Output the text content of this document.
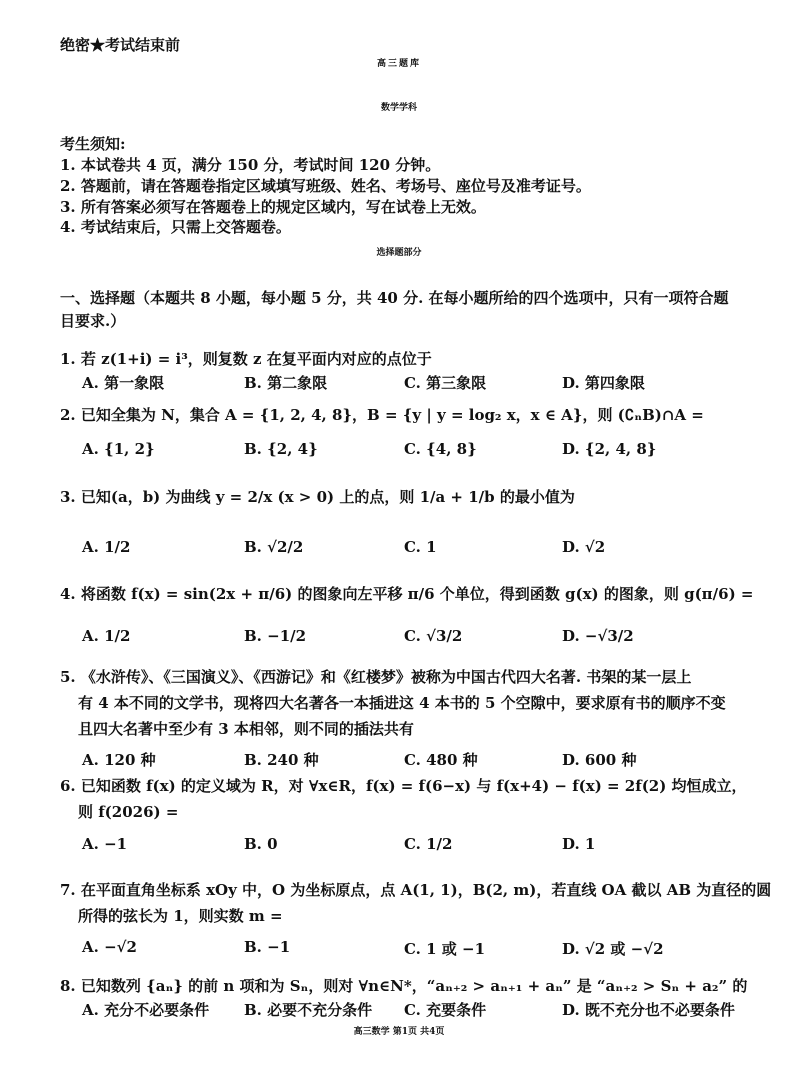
绝密★考试结束前
高三题库
数学学科
考生须知:
1. 本试卷共 4 页，满分 150 分，考试时间 120 分钟。
2. 答题前，请在答题卷指定区域填写班级、姓名、考场号、座位号及准考证号。
3. 所有答案必须写在答题卷上的规定区域内，写在试卷上无效。
4. 考试结束后，只需上交答题卷。
选择题部分
一、选择题（本题共 8 小题，每小题 5 分，共 40 分. 在每小题所给的四个选项中，只有一项符合题
目要求.）
1. 若 z(1+i) = i³，则复数 z 在复平面内对应的点位于
A. 第一象限	B. 第二象限	C. 第三象限	D. 第四象限
2. 已知全集为 N，集合 A = {1, 2, 4, 8}，B = {y | y = log₂ x，x ∈ A}，则 (∁ₙB)∩A =
A. {1, 2}	B. {2, 4}	C. {4, 8}	D. {2, 4, 8}
3. 已知(a，b) 为曲线 y = 2/x (x > 0) 上的点，则 1/a + 1/b 的最小值为
A. 1/2	B. √2/2	C. 1	D. √2
4. 将函数 f(x) = sin(2x + π/6) 的图象向左平移 π/6 个单位，得到函数 g(x) 的图象，则 g(π/6) =
A. 1/2	B. −1/2	C. √3/2	D. −√3/2
5. 《水浒传》、《三国演义》、《西游记》和《红楼梦》被称为中国古代四大名著. 书架的某一层上
有 4 本不同的文学书，现将四大名著各一本插进这 4 本书的 5 个空隙中，要求原有书的顺序不变
且四大名著中至少有 3 本相邻，则不同的插法共有
A. 120 种	B. 240 种	C. 480 种	D. 600 种
6. 已知函数 f(x) 的定义域为 R，对 ∀x∈R，f(x) = f(6−x) 与 f(x+4) − f(x) = 2f(2) 均恒成立，
则 f(2026) =
A. −1	B. 0	C. 1/2	D. 1
7. 在平面直角坐标系 xOy 中，O 为坐标原点，点 A(1, 1)，B(2, m)，若直线 OA 截以 AB 为直径的圆
所得的弦长为 1，则实数 m =
A. −√2	B. −1	C. 1 或 −1	D. √2 或 −√2
8. 已知数列 {aₙ} 的前 n 项和为 Sₙ，则对 ∀n∈N*，“aₙ₊₂ > aₙ₊₁ + aₙ” 是 “aₙ₊₂ > Sₙ + a₂” 的
A. 充分不必要条件 B. 必要不充分条件 C. 充要条件	D. 既不充分也不必要条件
高三数学 第1页 共4页
